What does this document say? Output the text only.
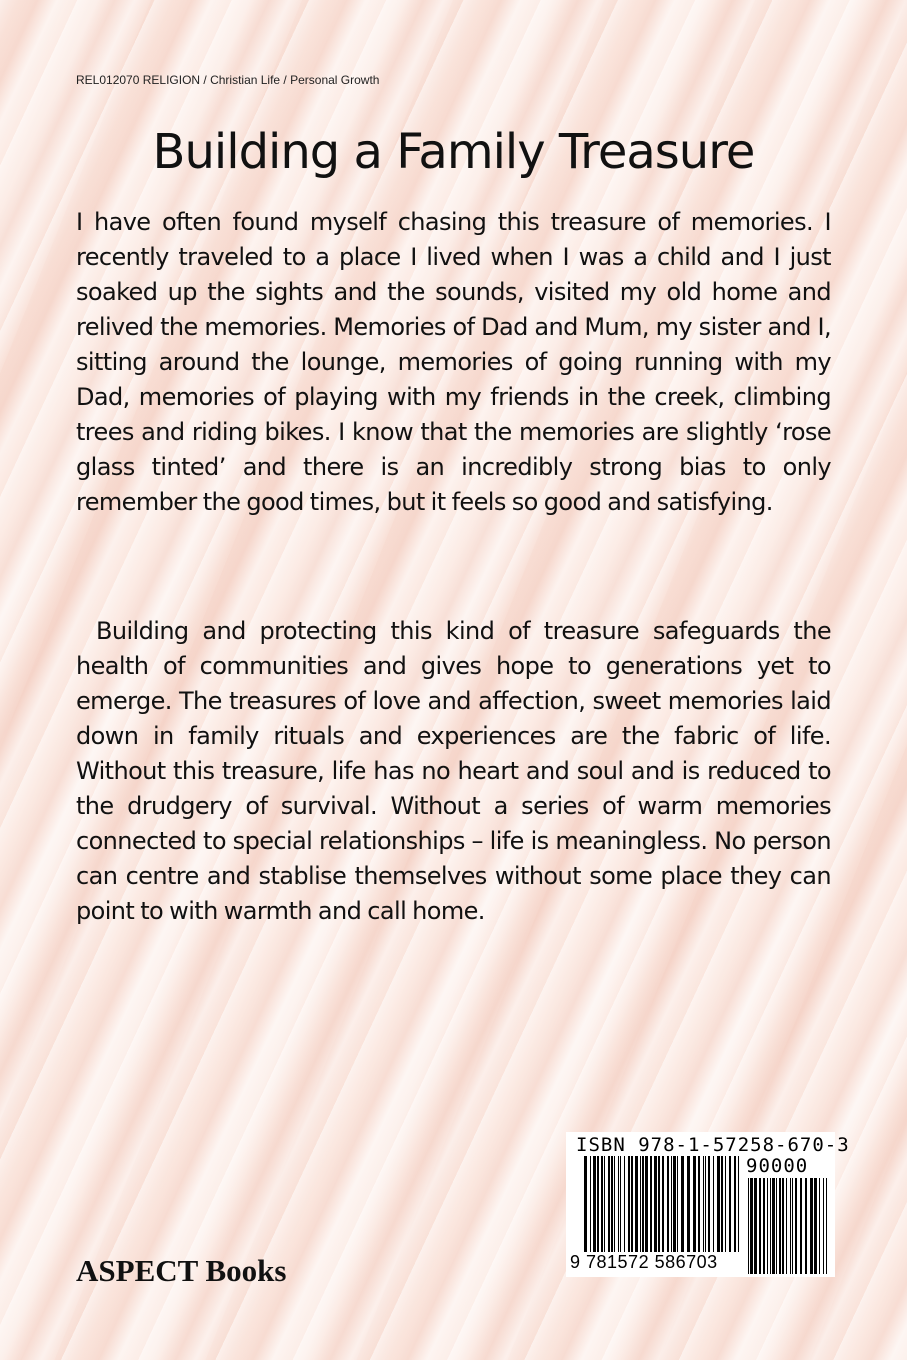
REL012070 RELIGION / Christian Life / Personal Growth
Building a Family Treasure

I have often found myself chasing this treasure of memories. I recently traveled to a place I lived when I was a child and I just soaked up the sights and the sounds, visited my old home and relived the memories. Memories of Dad and Mum, my sister and I, sitting around the lounge, memories of going running with my Dad, memories of playing with my friends in the creek, climbing trees and riding bikes. I know that the memories are slightly ‘rose glass tinted’ and there is an incredibly strong bias to only remember the good times, but it feels so good and satisfying.

Building and protecting this kind of treasure safeguards the health of communities and gives hope to generations yet to emerge. The treasures of love and affection, sweet memories laid down in family rituals and experiences are the fabric of life. Without this treasure, life has no heart and soul and is reduced to the drudgery of survival. Without a series of warm memories connected to special relationships – life is meaningless. No person can centre and stablise themselves without some place they can point to with warmth and call home.

ISBN 978-1-57258-670-3
90000
9 781572 586703
ASPECT Books
